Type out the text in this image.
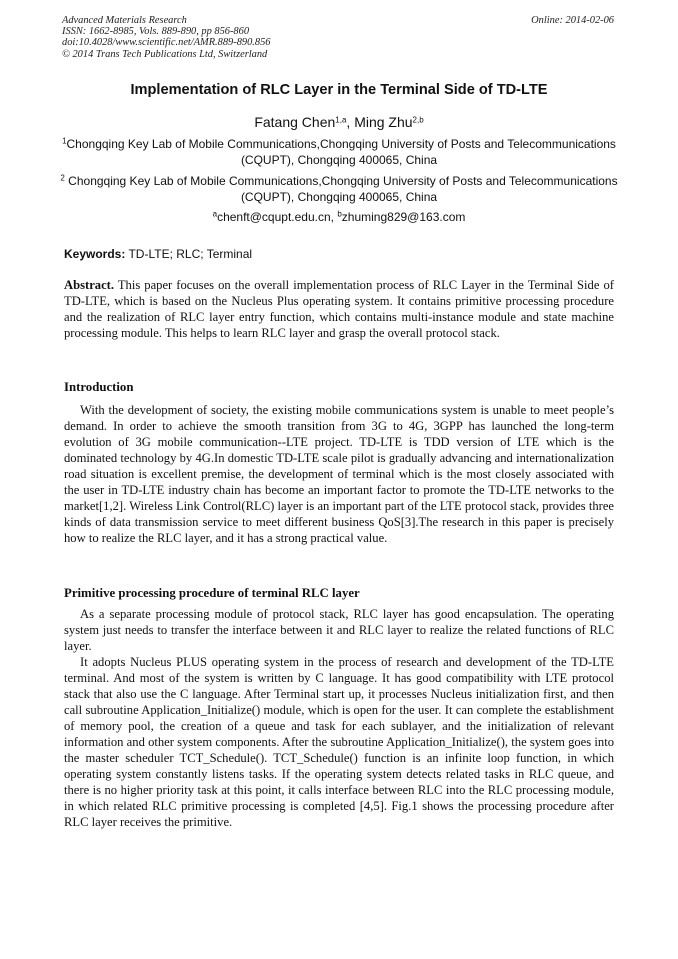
Advanced Materials Research
ISSN: 1662-8985, Vols. 889-890, pp 856-860
doi:10.4028/www.scientific.net/AMR.889-890.856
© 2014 Trans Tech Publications Ltd, Switzerland
Online: 2014-02-06
Implementation of RLC Layer in the Terminal Side of TD-LTE
Fatang Chen$^{1,a}$, Ming Zhu$^{2,b}$
$^1$Chongqing Key Lab of Mobile Communications,Chongqing University of Posts and Telecommunications (CQUPT), Chongqing 400065, China
$^2$ Chongqing Key Lab of Mobile Communications,Chongqing University of Posts and Telecommunications (CQUPT), Chongqing 400065, China
$^a$chenft@cqupt.edu.cn, $^b$zhuming829@163.com
Keywords: TD-LTE; RLC; Terminal
Abstract. This paper focuses on the overall implementation process of RLC Layer in the Terminal Side of TD-LTE, which is based on the Nucleus Plus operating system. It contains primitive processing procedure and the realization of RLC layer entry function, which contains multi-instance module and state machine processing module. This helps to learn RLC layer and grasp the overall protocol stack.
Introduction
With the development of society, the existing mobile communications system is unable to meet people’s demand. In order to achieve the smooth transition from 3G to 4G, 3GPP has launched the long-term evolution of 3G mobile communication--LTE project. TD-LTE is TDD version of LTE which is the dominated technology by 4G.In domestic TD-LTE scale pilot is gradually advancing and internationalization road situation is excellent premise, the development of terminal which is the most closely associated with the user in TD-LTE industry chain has become an important factor to promote the TD-LTE networks to the market[1,2]. Wireless Link Control(RLC) layer is an important part of the LTE protocol stack, provides three kinds of data transmission service to meet different business QoS[3].The research in this paper is precisely how to realize the RLC layer, and it has a strong practical value.
Primitive processing procedure of terminal RLC layer
As a separate processing module of protocol stack, RLC layer has good encapsulation. The operating system just needs to transfer the interface between it and RLC layer to realize the related functions of RLC layer.
It adopts Nucleus PLUS operating system in the process of research and development of the TD-LTE terminal. And most of the system is written by C language. It has good compatibility with LTE protocol stack that also use the C language. After Terminal start up, it processes Nucleus initialization first, and then call subroutine Application_Initialize() module, which is open for the user. It can complete the establishment of memory pool, the creation of a queue and task for each sublayer, and the initialization of relevant information and other system components. After the subroutine Application_Initialize(), the system goes into the master scheduler TCT_Schedule(). TCT_Schedule() function is an infinite loop function, in which operating system constantly listens tasks. If the operating system detects related tasks in RLC queue, and there is no higher priority task at this point, it calls interface between RLC into the RLC processing module, in which related RLC primitive processing is completed [4,5]. Fig.1 shows the processing procedure after RLC layer receives the primitive.
